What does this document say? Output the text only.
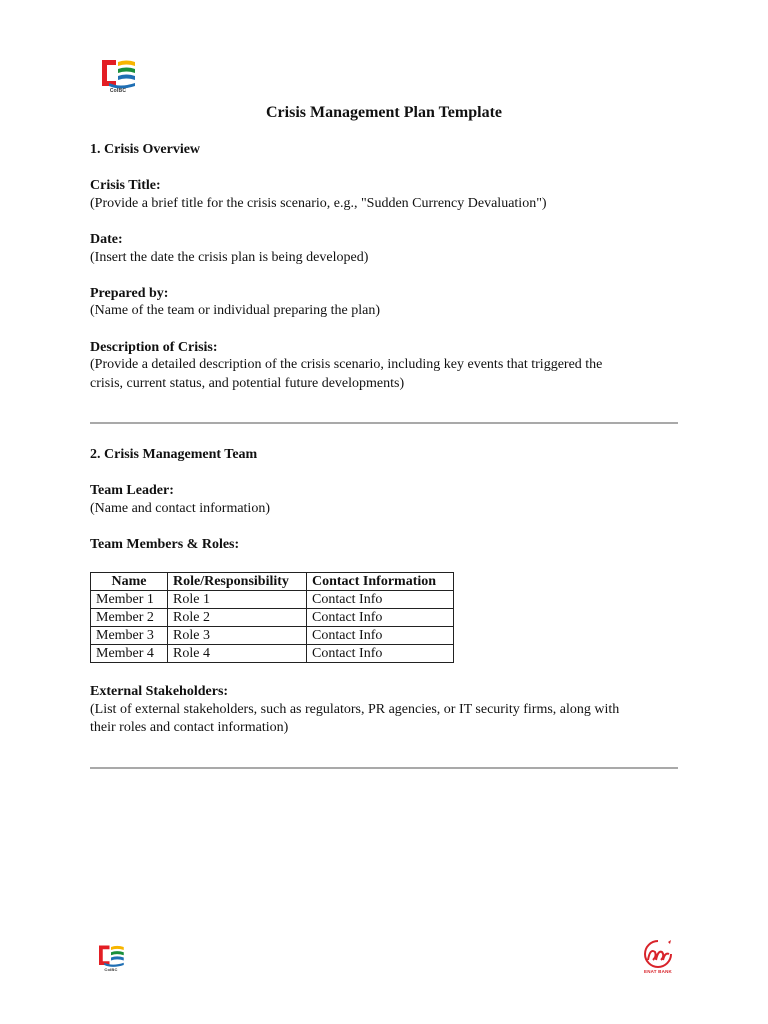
CoIBC
Crisis Management Plan Template
1. Crisis Overview
Crisis Title:
(Provide a brief title for the crisis scenario, e.g., "Sudden Currency Devaluation")
Date:
(Insert the date the crisis plan is being developed)
Prepared by:
(Name of the team or individual preparing the plan)
Description of Crisis:
(Provide a detailed description of the crisis scenario, including key events that triggered the
crisis, current status, and potential future developments)
2. Crisis Management Team
Team Leader:
(Name and contact information)
Team Members & Roles:
Name	Role/Responsibility	Contact Information
Member 1	Role 1	Contact Info
Member 2	Role 2	Contact Info
Member 3	Role 3	Contact Info
Member 4	Role 4	Contact Info
External Stakeholders:
(List of external stakeholders, such as regulators, PR agencies, or IT security firms, along with
their roles and contact information)
CoIBC	ENAT BANK
